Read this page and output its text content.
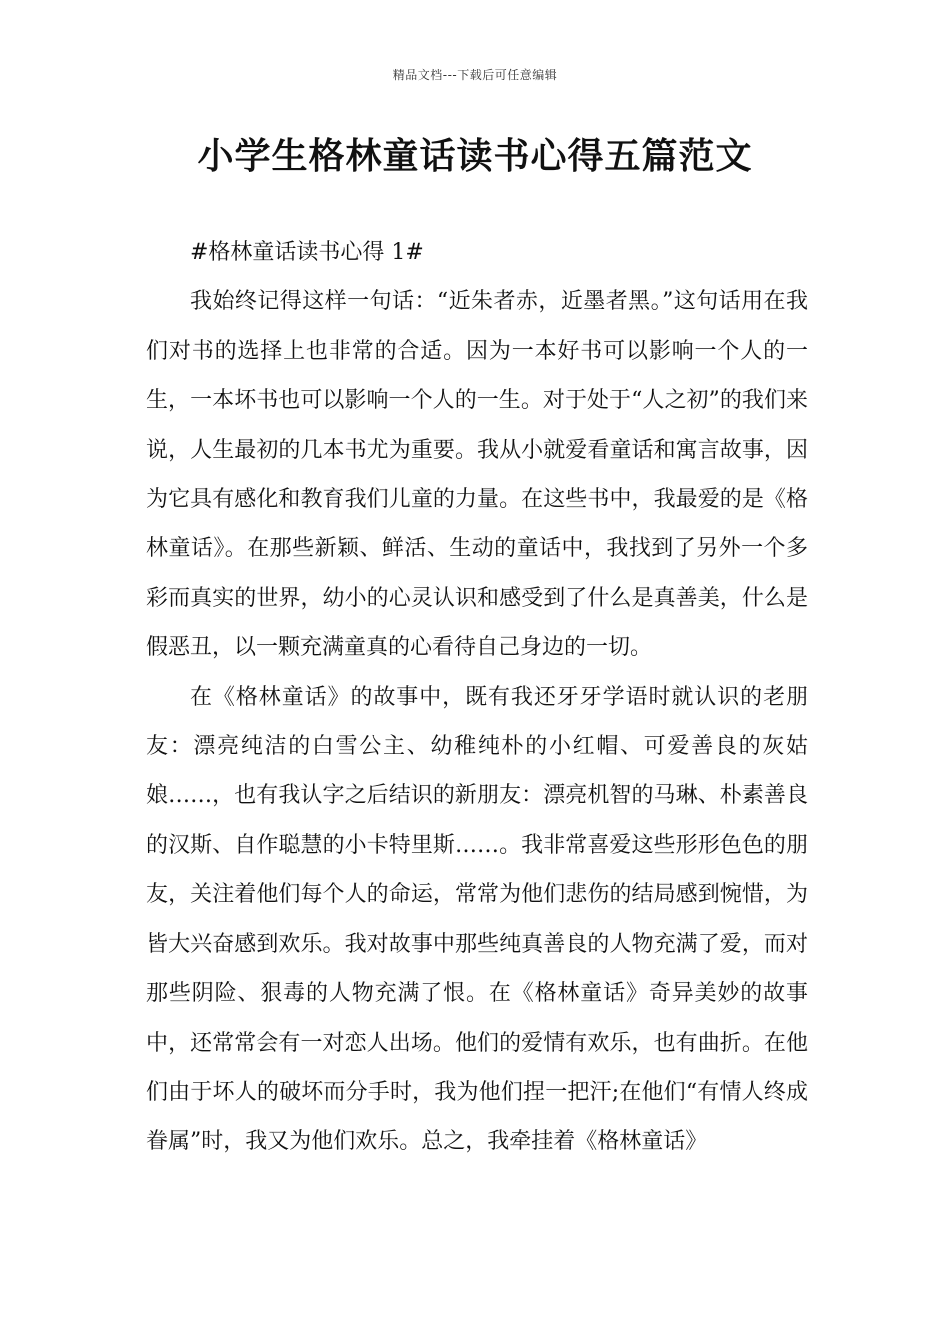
精品文档---下载后可任意编辑
小学生格林童话读书心得五篇范文
#格林童话读书心得 1#

我始终记得这样一句话：“近朱者赤，近墨者黑。”这句话用在我们对书的选择上也非常的合适。因为一本好书可以影响一个人的一生，一本坏书也可以影响一个人的一生。对于处于“人之初”的我们来说，人生最初的几本书尤为重要。我从小就爱看童话和寓言故事，因为它具有感化和教育我们儿童的力量。在这些书中，我最爱的是《格林童话》。在那些新颖、鲜活、生动的童话中，我找到了另外一个多彩而真实的世界，幼小的心灵认识和感受到了什么是真善美，什么是假恶丑，以一颗充满童真的心看待自己身边的一切。

在《格林童话》的故事中，既有我还牙牙学语时就认识的老朋友：漂亮纯洁的白雪公主、幼稚纯朴的小红帽、可爱善良的灰姑娘……，也有我认字之后结识的新朋友：漂亮机智的马琳、朴素善良的汉斯、自作聪慧的小卡特里斯……。我非常喜爱这些形形色色的朋友，关注着他们每个人的命运，常常为他们悲伤的结局感到惋惜，为皆大兴奋感到欢乐。我对故事中那些纯真善良的人物充满了爱，而对那些阴险、狠毒的人物充满了恨。在《格林童话》奇异美妙的故事中，还常常会有一对恋人出场。他们的爱情有欢乐，也有曲折。在他们由于坏人的破坏而分手时，我为他们捏一把汗;在他们“有情人终成眷属”时，我又为他们欢乐。总之，我牵挂着《格林童话》
